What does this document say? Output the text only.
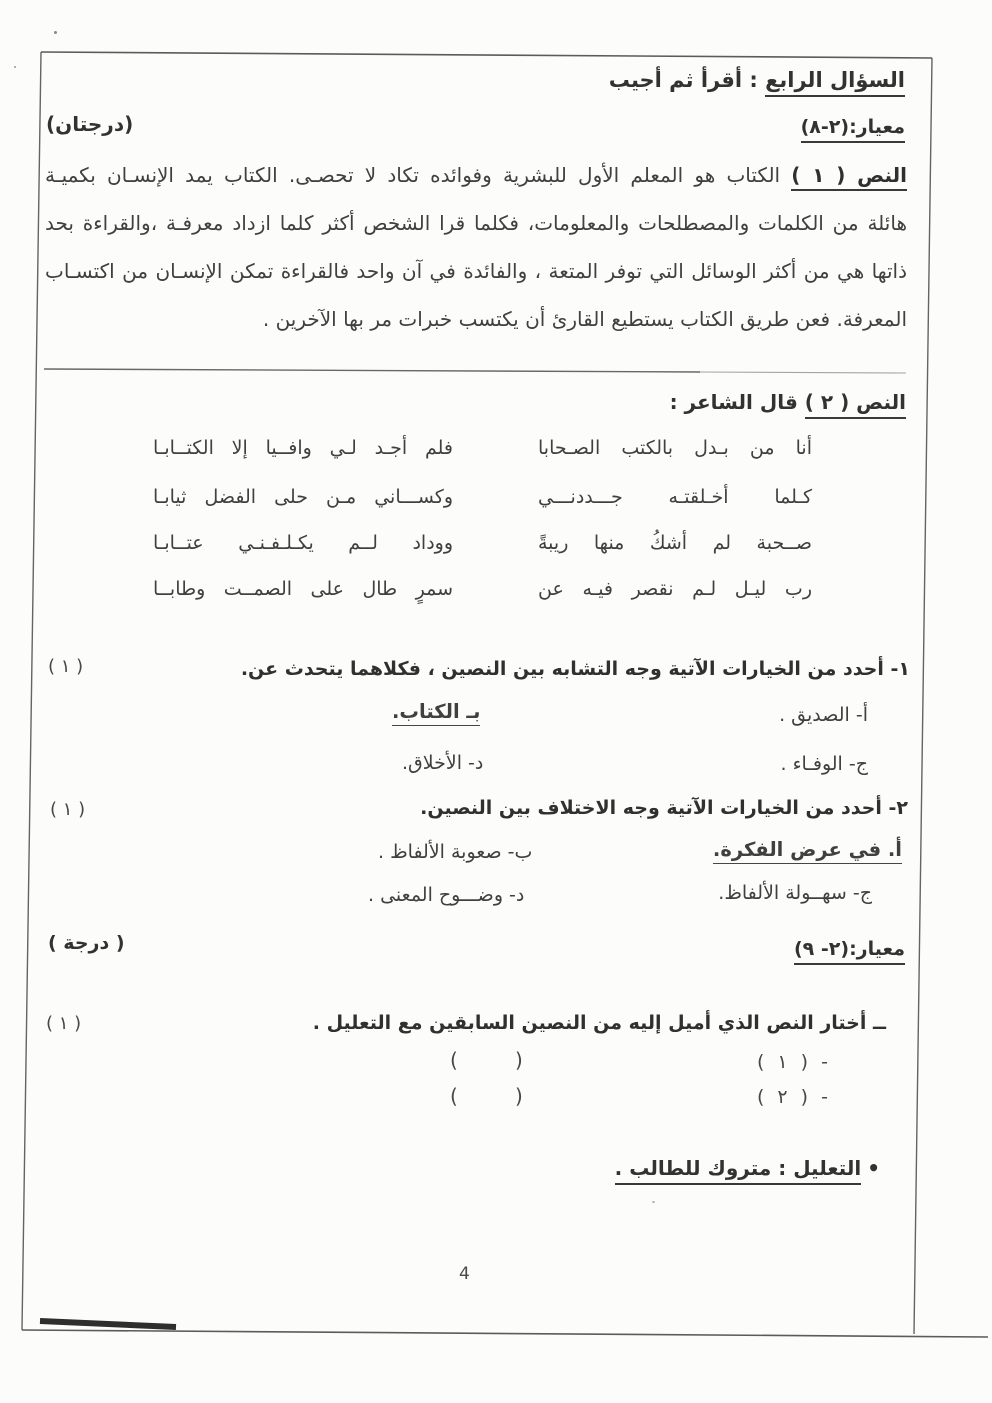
السؤال الرابع : أقرأ ثم أجيب
معيار:(٢-٨)
(درجتان)
النص ( ١ ) الكتاب هو المعلم الأول للبشرية وفوائده تكاد لا تحصـى. الكتاب يمد الإنسـان بكميـة
هائلة من الكلمات والمصطلحات والمعلومات، فكلما قرا الشخص أكثر كلما ازداد معرفـة ،والقراءة بحد
ذاتها هي من أكثر الوسائل التي توفر المتعة ، والفائدة في آن واحد فالقراءة تمكن الإنسـان من اكتسـاب
المعرفة. فعن طريق الكتاب يستطيع القارئ أن يكتسب خبرات مر بها الآخرين .
النص ( ٢ ) قال الشاعر :
أنا من بـدل بالكتب الصـحابا
فلم أجـد لـي وافــيا إلا الكتــابـا
كـلما أخـلقتـه جـــددنـــي
وكســـاني مـن حلى الفضل ثيابـا
صــحبة لم أشكُ منها ريبةً
ووداد لــم يكـلـفـنـي عتــابـا
رب ليـل لـم نقصر فيـه عن
سمرٍ طال على الصمــت وطابــا
١- أحدد من الخيارات الآتية وجه التشابه بين النصين ، فكلاهما يتحدث عن.
( ١ )
أ- الصديق .
بـ الكتاب.
ج- الوفـاء .
د- الأخلاق.
٢- أحدد من الخيارات الآتية وجه الاختلاف بين النصين.
( ١ )
أ. في عرض الفكرة.
ب- صعوبة الألفاظ .
ج- سهــولة الألفاظ.
د- وضـــوح المعنى .
معيار:(٢- ٩)
( درجة )
ــ أختار النص الذي أميل إليه من النصين السابقين مع التعليل .
( ١ )
- ( ١ )
(         )
- ( ٢ )
(         )
•التعليل : متروك للطالب .
4
